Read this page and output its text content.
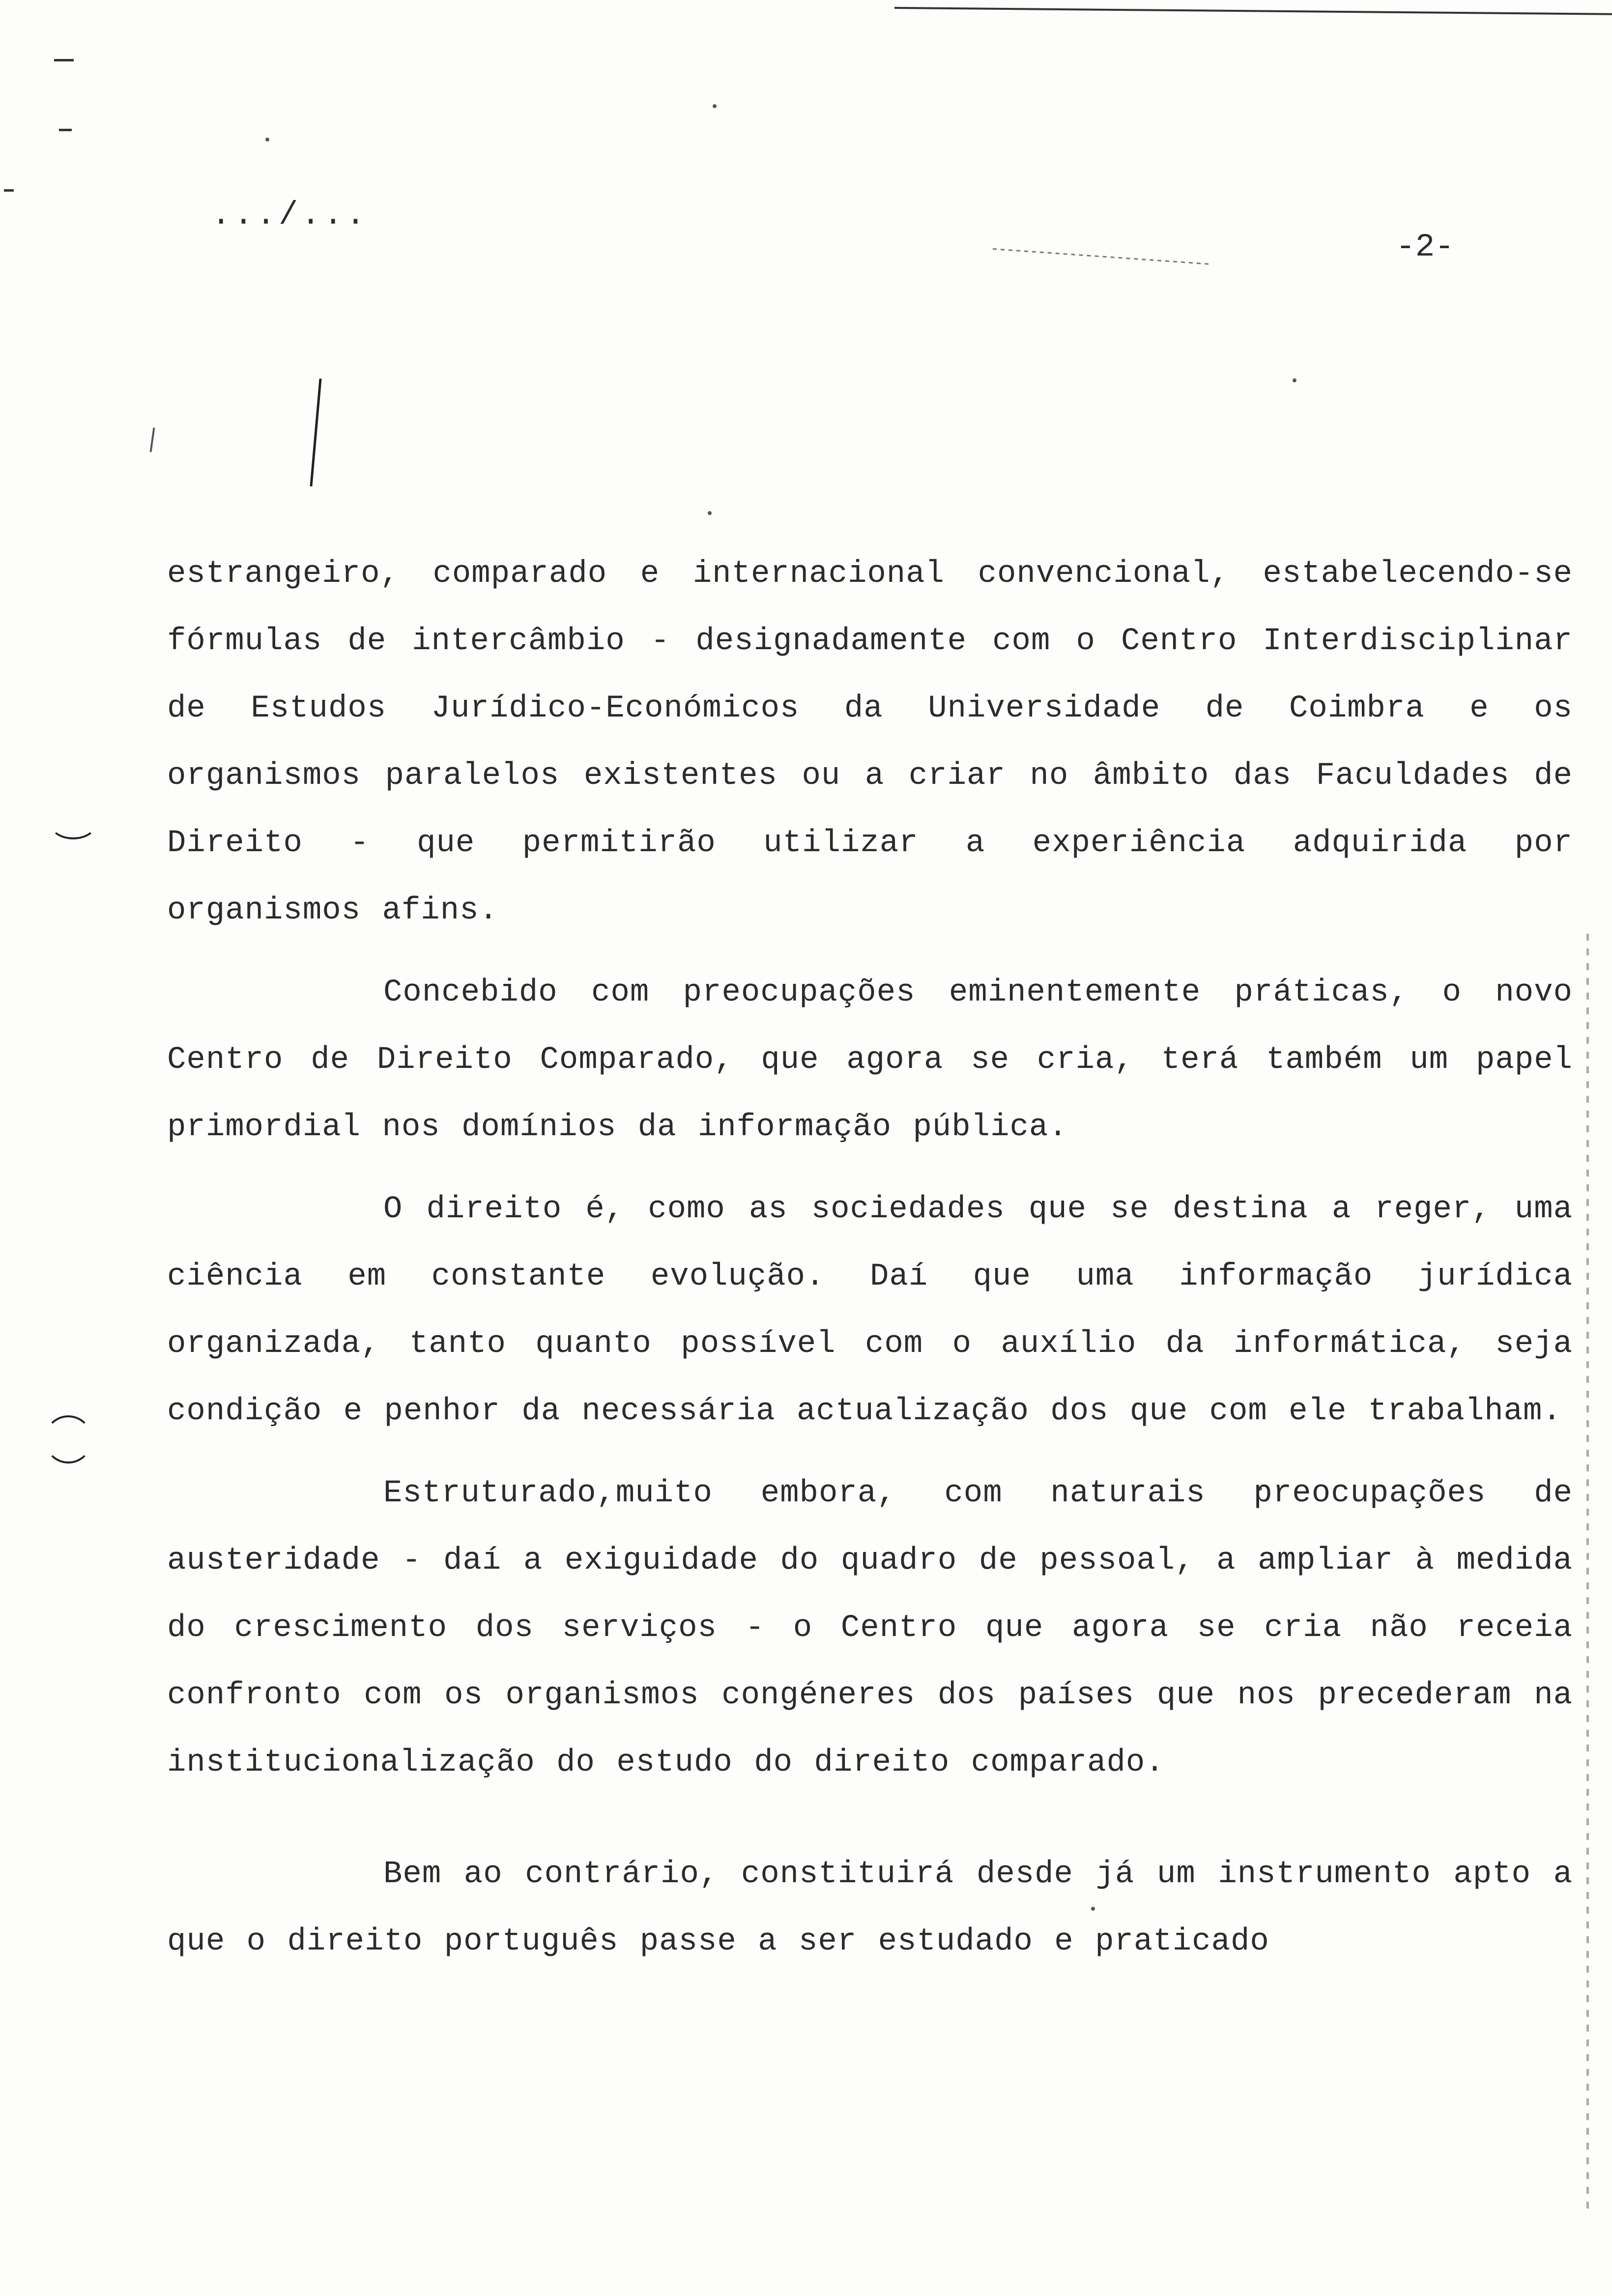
.../...
-2-

estrangeiro, comparado e internacional convencional, estabelecendo-se fórmulas de intercâmbio - designadamente com o Centro Interdisciplinar de Estudos Jurídico-Económicos da Universidade de Coimbra e os organismos paralelos existentes ou a criar no âmbito das Faculdades de Direito - que permitirão utilizar a experiência adquirida por organismos afins.

Concebido com preocupações eminentemente práticas, o novo Centro de Direito Comparado, que agora se cria, terá também um papel primordial nos domínios da informação pública.

O direito é, como as sociedades que se destina a reger, uma ciência em constante evolução. Daí que uma informação jurídica organizada, tanto quanto possível com o auxílio da informática, seja condição e penhor da necessária actualização dos que com ele trabalham.

Estruturado,muito embora, com naturais preocupações de austeridade - daí a exiguidade do quadro de pessoal, a ampliar à medida do crescimento dos serviços - o Centro que agora se cria não receia confronto com os organismos congéneres dos países que nos precederam na institucionalização do estudo do direito comparado.

Bem ao contrário, constituirá desde já um instrumento apto a que o direito português passe a ser estudado e praticado
